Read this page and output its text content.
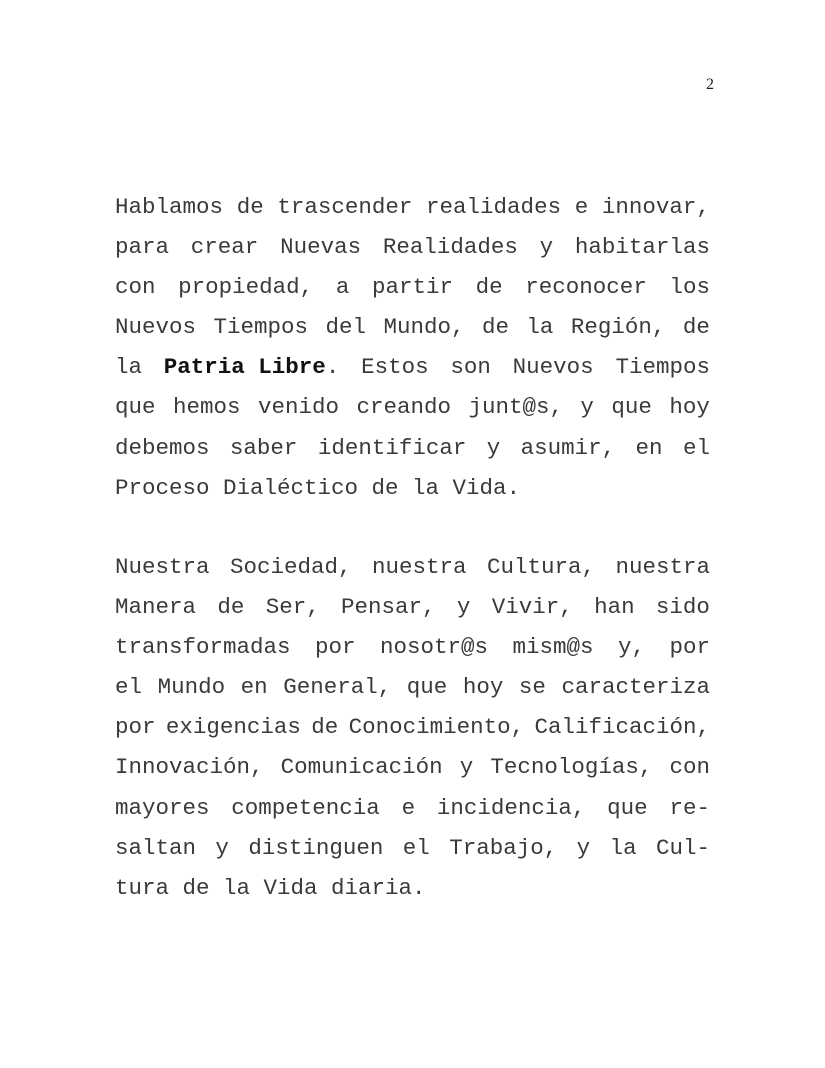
2
Hablamos de trascender realidades e innovar,
para crear Nuevas Realidades y habitarlas
con propiedad, a partir de reconocer los
Nuevos Tiempos del Mundo, de la Región, de
la Patria Libre. Estos son Nuevos Tiempos
que hemos venido creando junt@s, y que hoy
debemos saber identificar y asumir, en el
Proceso Dialéctico de la Vida.
Nuestra Sociedad, nuestra Cultura, nuestra
Manera de Ser, Pensar, y Vivir, han sido
transformadas por nosotr@s mism@s y, por
el Mundo en General, que hoy se caracteriza
por exigencias de Conocimiento, Calificación,
Innovación, Comunicación y Tecnologías, con
mayores competencia e incidencia, que re-
saltan y distinguen el Trabajo, y la Cul-
tura de la Vida diaria.
